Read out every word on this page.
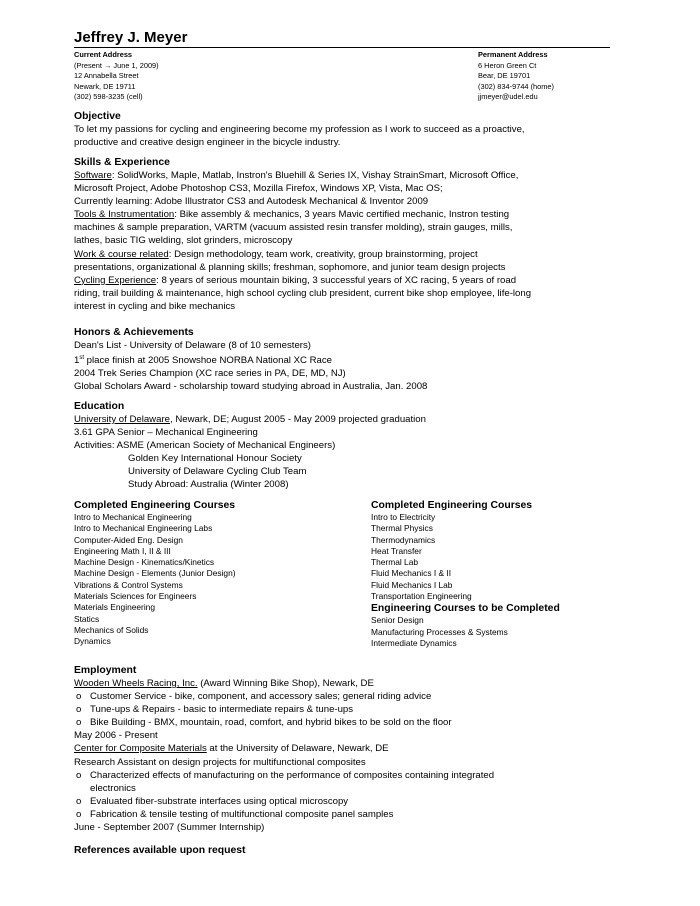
Jeffrey J. Meyer
Current Address
(Present → June 1, 2009)
12 Annabella Street
Newark, DE 19711
(302) 598-3235 (cell)
Permanent Address
6 Heron Green Ct
Bear, DE 19701
(302) 834-9744 (home)
jjmeyer@udel.edu
Objective
To let my passions for cycling and engineering become my profession as I work to succeed as a proactive,
productive and creative design engineer in the bicycle industry.
Skills & Experience
Software: SolidWorks, Maple, Matlab, Instron's Bluehill & Series IX, Vishay StrainSmart, Microsoft Office,
Microsoft Project, Adobe Photoshop CS3, Mozilla Firefox, Windows XP, Vista, Mac OS;
Currently learning: Adobe Illustrator CS3 and Autodesk Mechanical & Inventor 2009
Tools & Instrumentation: Bike assembly & mechanics, 3 years Mavic certified mechanic, Instron testing
machines & sample preparation, VARTM (vacuum assisted resin transfer molding), strain gauges, mills,
lathes, basic TIG welding, slot grinders, microscopy
Work & course related: Design methodology, team work, creativity, group brainstorming, project
presentations, organizational & planning skills; freshman, sophomore, and junior team design projects
Cycling Experience: 8 years of serious mountain biking, 3 successful years of XC racing, 5 years of road
riding, trail building & maintenance, high school cycling club president, current bike shop employee, life-long
interest in cycling and bike mechanics
Honors & Achievements
Dean's List - University of Delaware (8 of 10 semesters)
1st place finish at 2005 Snowshoe NORBA National XC Race
2004 Trek Series Champion (XC race series in PA, DE, MD, NJ)
Global Scholars Award - scholarship toward studying abroad in Australia, Jan. 2008
Education
University of Delaware, Newark, DE; August 2005 - May 2009 projected graduation
3.61 GPA Senior – Mechanical Engineering
Activities: ASME (American Society of Mechanical Engineers)
Golden Key International Honour Society
University of Delaware Cycling Club Team
Study Abroad: Australia (Winter 2008)
Completed Engineering Courses
Intro to Mechanical Engineering
Intro to Mechanical Engineering Labs
Computer-Aided Eng. Design
Engineering Math I, II & III
Machine Design - Kinematics/Kinetics
Machine Design - Elements (Junior Design)
Vibrations & Control Systems
Materials Sciences for Engineers
Materials Engineering
Statics
Mechanics of Solids
Dynamics
Completed Engineering Courses
Intro to Electricity
Thermal Physics
Thermodynamics
Heat Transfer
Thermal Lab
Fluid Mechanics I & II
Fluid Mechanics I Lab
Transportation Engineering
Engineering Courses to be Completed
Senior Design
Manufacturing Processes & Systems
Intermediate Dynamics
Employment
Wooden Wheels Racing, Inc. (Award Winning Bike Shop), Newark, DE
o Customer Service - bike, component, and accessory sales; general riding advice
o Tune-ups & Repairs - basic to intermediate repairs & tune-ups
o Bike Building - BMX, mountain, road, comfort, and hybrid bikes to be sold on the floor
May 2006 - Present
Center for Composite Materials at the University of Delaware, Newark, DE
Research Assistant on design projects for multifunctional composites
o Characterized effects of manufacturing on the performance of composites containing integrated
electronics
o Evaluated fiber-substrate interfaces using optical microscopy
o Fabrication & tensile testing of multifunctional composite panel samples
June - September 2007 (Summer Internship)
References available upon request
